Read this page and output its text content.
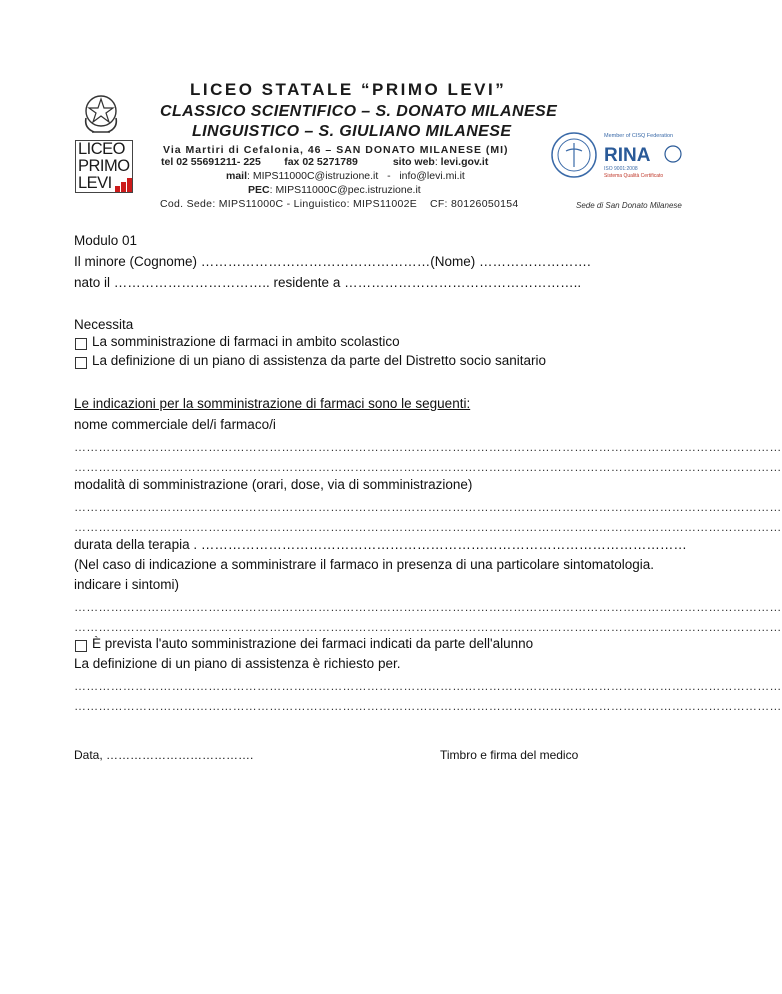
LICEO
PRIMO
LEVI
LICEO STATALE “PRIMO LEVI”
CLASSICO SCIENTIFICO – S. DONATO MILANESE
LINGUISTICO – S. GIULIANO MILANESE
Via Martiri di Cefalonia, 46 – SAN DONATO MILANESE (MI)
tel 02 55691211- 225 fax 02 5271789	sito web: levi.gov.it
mail: MIPS11000C@istruzione.it - info@levi.mi.it
PEC: MIPS11000C@pec.istruzione.it
Cod. Sede: MIPS11000C - Linguistico: MIPS11002E    CF: 80126050154
Member of CISQ Federation
RINA
ISO 9001:2008
Sistema Qualità Certificato
Sede di San Donato Milanese
Modulo 01
Il minore (Cognome) ……………………………………………(Nome) …………………….
nato il …………………………….. residente a ……………………………………………..
Necessita
La somministrazione di farmaci in ambito scolastico
La definizione di un piano di assistenza da parte del Distretto socio sanitario
Le indicazioni per la somministrazione di farmaci sono le seguenti:
nome commerciale del/i farmaco/i
…………………………………………………………………………………………………………………………………………………………
…………………………………………………………………………………………………………………………………………………………
modalità di somministrazione (orari, dose, via di somministrazione)
…………………………………………………………………………………………………………………………………………………………
…………………………………………………………………………………………………………………………………………………………
durata della terapia . ………………………………………………………………………………………………
(Nel caso di indicazione a somministrare il farmaco in presenza di una particolare sintomatologia.
indicare i sintomi)
…………………………………………………………………………………………………………………………………………………………
…………………………………………………………………………………………………………………………………………………………
È prevista l'auto somministrazione dei farmaci indicati da parte dell'alunno
La definizione di un piano di assistenza è richiesto per.
…………………………………………………………………………………………………………………………………………………………
…………………………………………………………………………………………………………………………………………………………
Data, ……………………………….	Timbro e firma del medico
